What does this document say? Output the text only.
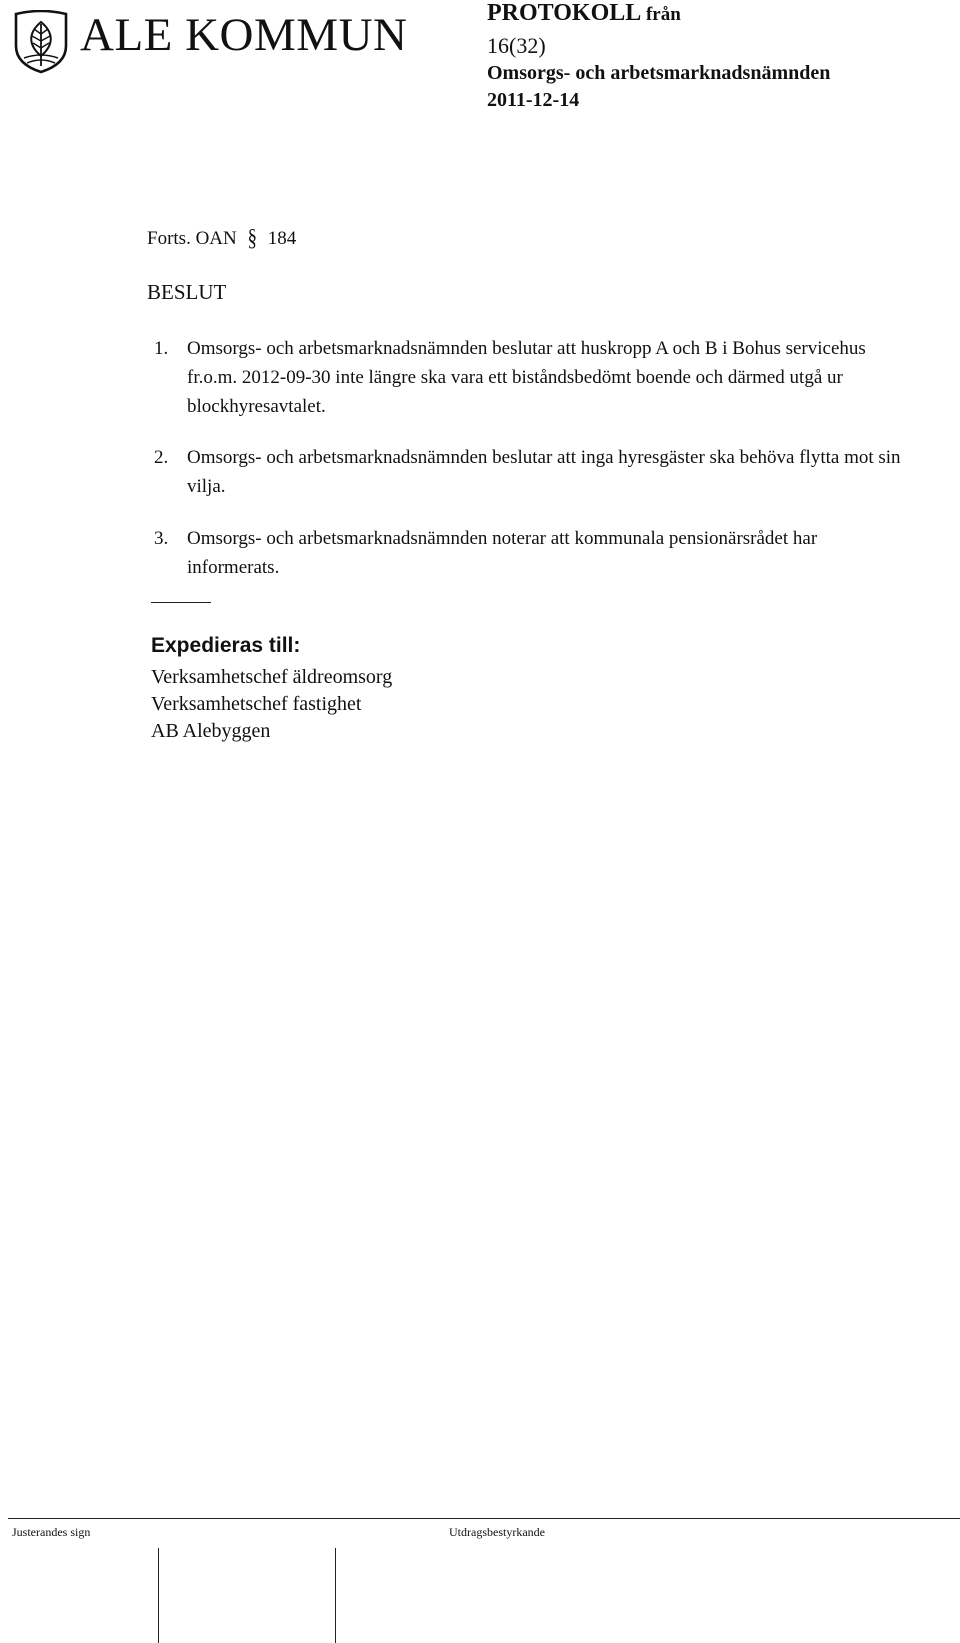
ALE KOMMUN	PROTOKOLL från
16(32)
Omsorgs- och arbetsmarknadsnämnden
2011-12-14
Forts. OAN § 184
BESLUT
1. Omsorgs- och arbetsmarknadsnämnden beslutar att huskropp A och B i Bohus servicehus fr.o.m. 2012-09-30 inte längre ska vara ett biståndsbedömt boende och därmed utgå ur blockhyresavtalet.
2. Omsorgs- och arbetsmarknadsnämnden beslutar att inga hyresgäster ska behöva flytta mot sin vilja.
3. Omsorgs- och arbetsmarknadsnämnden noterar att kommunala pensionärsrådet har informerats.
Expedieras till:
Verksamhetschef äldreomsorg
Verksamhetschef fastighet
AB Alebyggen
Justerandes sign	Utdragsbestyrkande
